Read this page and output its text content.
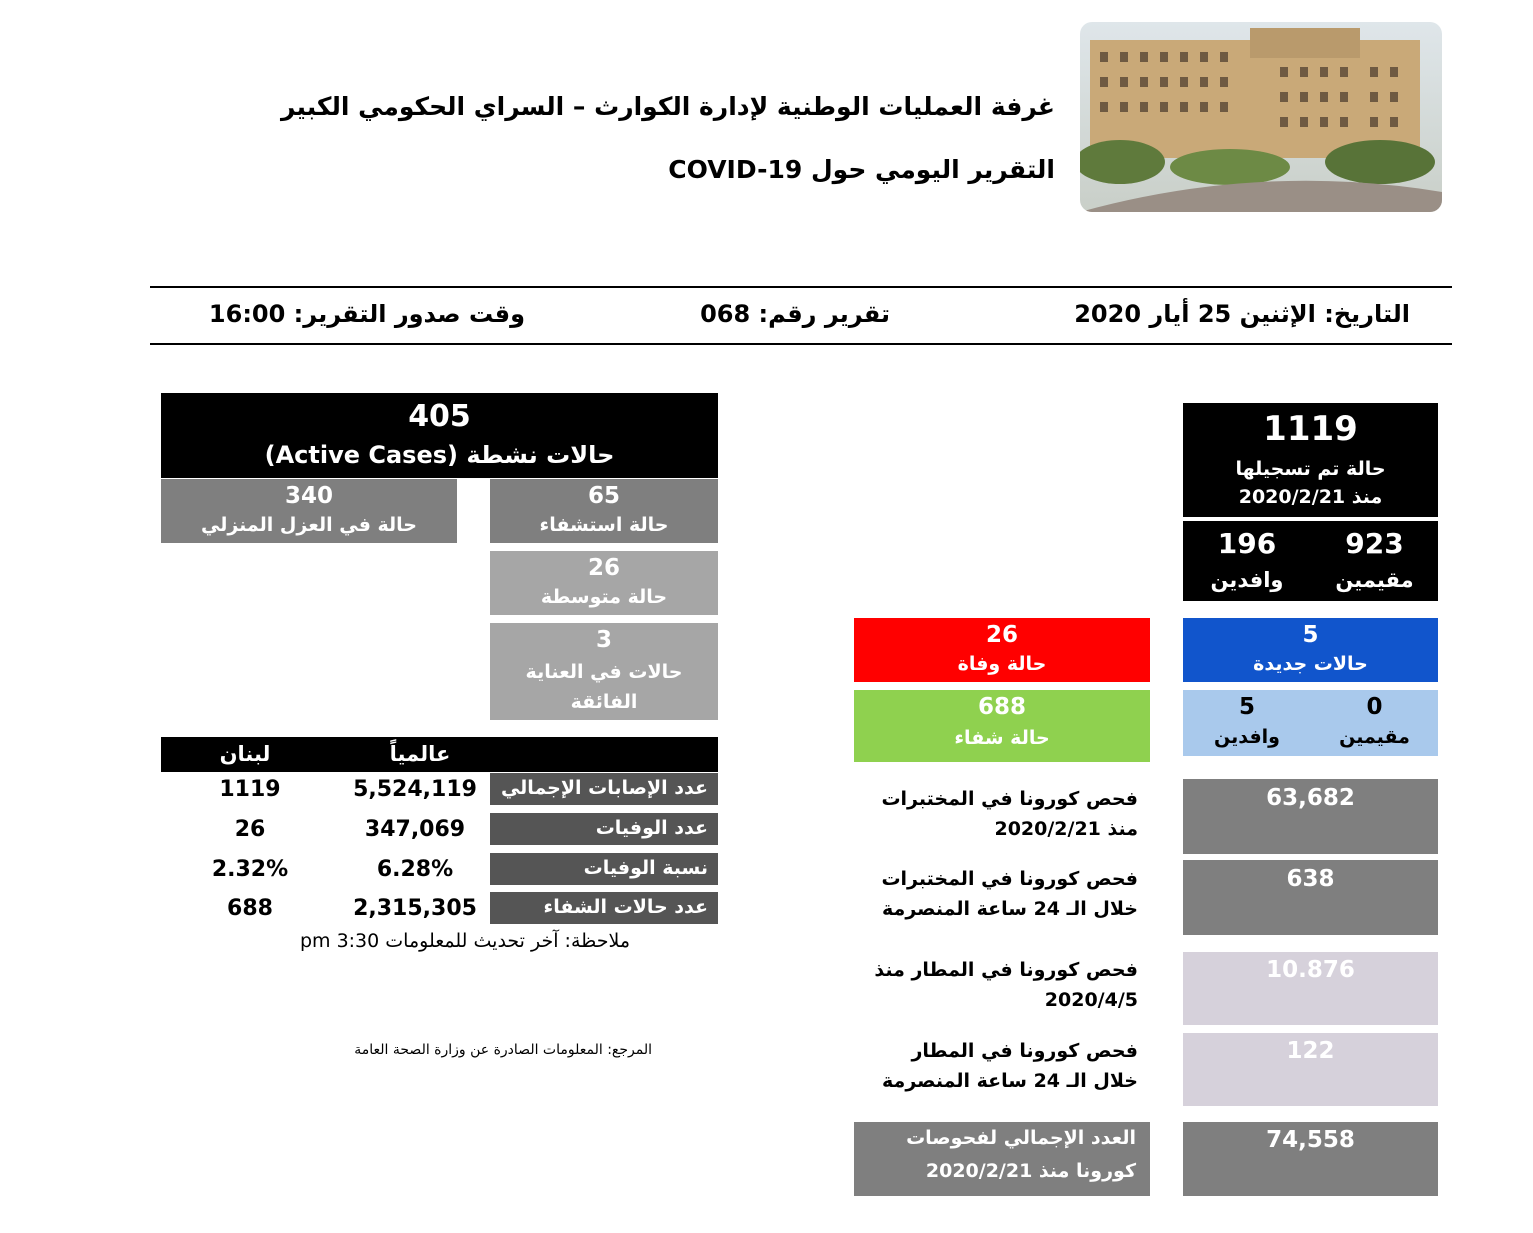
غرفة العمليات الوطنية لإدارة الكوارث – السراي الحكومي الكبير
التقرير اليومي حول COVID-19
التاريخ: الإثنين 25 أيار 2020
تقرير رقم: 068
وقت صدور التقرير: 16:00
405
حالات نشطة (Active Cases)
340
حالة في العزل المنزلي
65
حالة استشفاء
26
حالة متوسطة
3
حالات في العناية الفائقة
عالمياً
لبنان
عدد الإصابات الإجمالي
5,524,119
1119
عدد الوفيات
347,069
26
نسبة الوفيات
6.28%
2.32%
عدد حالات الشفاء
2,315,305
688
ملاحظة: آخر تحديث للمعلومات 3:30 pm
المرجع: المعلومات الصادرة عن وزارة الصحة العامة
1119
حالة تم تسجيلها
منذ 2020/2/21
923
مقيمين
196
وافدين
5
حالات جديدة
0
مقيمين
5
وافدين
26
حالة وفاة
688
حالة شفاء
فحص كورونا في المختبرات
منذ 2020/2/21
63,682
فحص كورونا في المختبرات
خلال الـ 24 ساعة المنصرمة
638
فحص كورونا في المطار منذ
2020/4/5
10.876
فحص كورونا في المطار
خلال الـ 24 ساعة المنصرمة
122
العدد الإجمالي لفحوصات
كورونا منذ 2020/2/21
74,558
